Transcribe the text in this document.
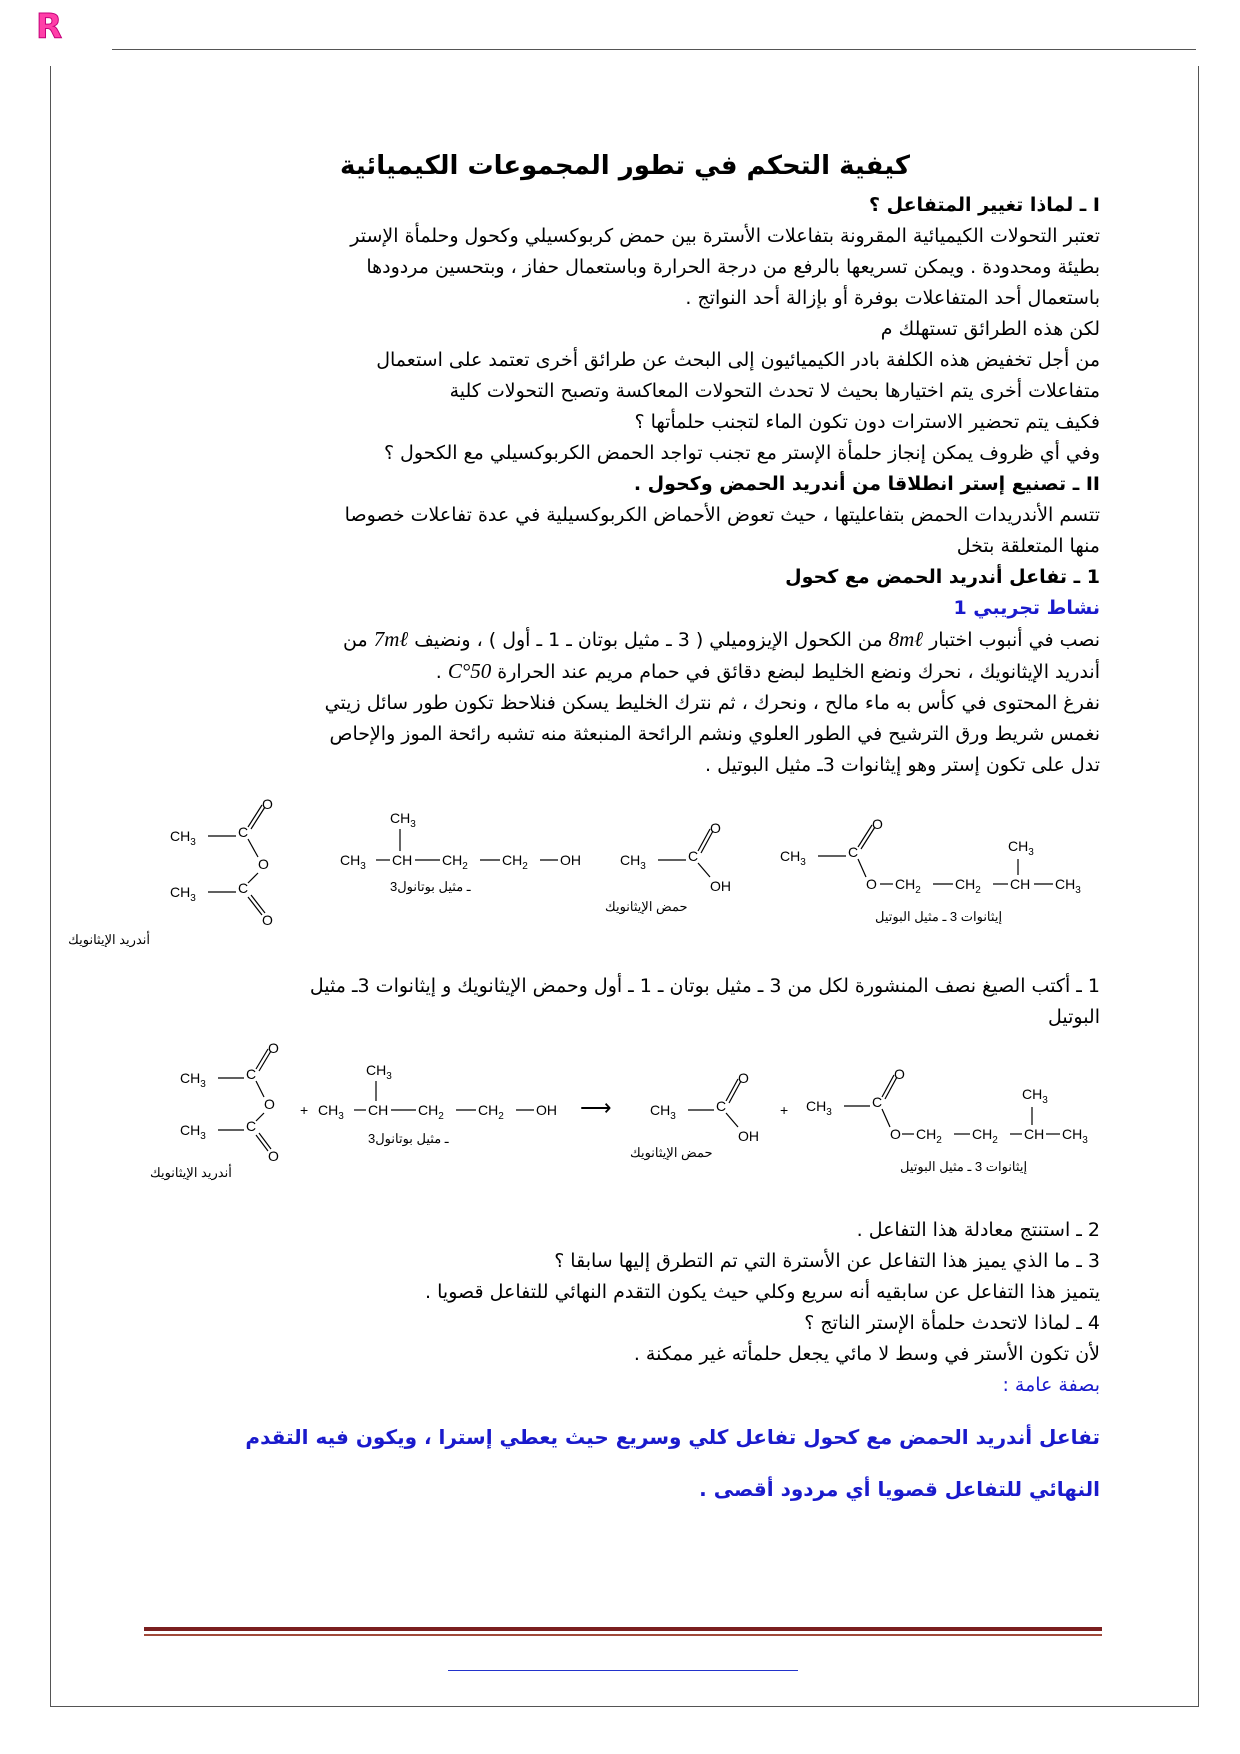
R
كيفية التحكم في تطور المجموعات الكيميائية

I ـ لماذا تغيير المتفاعل ؟

تعتبر التحولات الكيميائية المقرونة بتفاعلات الأسترة بين حمض كربوكسيلي وكحول وحلمأة الإستر

بطيئة ومحدودة . ويمكن تسريعها بالرفع من درجة الحرارة وباستعمال حفاز ، وبتحسين مردودها

باستعمال أحد المتفاعلات بوفرة أو بإزالة أحد النواتج .

لكن هذه الطرائق تستهلك م

من أجل تخفيض هذه الكلفة بادر الكيميائيون إلى البحث عن طرائق أخرى تعتمد على استعمال

متفاعلات أخرى يتم اختيارها بحيث لا تحدث التحولات المعاكسة وتصبح التحولات كلية

فكيف يتم تحضير الاسترات دون تكون الماء لتجنب حلمأتها ؟

وفي أي ظروف يمكن إنجاز حلمأة الإستر مع تجنب تواجد الحمض الكربوكسيلي مع الكحول ؟

II ـ تصنيع إستر انطلاقا من أندريد الحمض وكحول .

تتسم الأندريدات الحمض بتفاعليتها ، حيث تعوض الأحماض الكربوكسيلية في عدة تفاعلات خصوصا

منها المتعلقة بتخل

1 ـ تفاعل أندريد الحمض مع كحول

نشاط تجريبي 1

نصب في أنبوب اختبار 8mℓ من الكحول الإيزوميلي ( 3 ـ مثيل بوتان ـ 1 ـ أول ) ، ونضيف 7mℓ من

أندريد الإيثانويك ، نحرك ونضع الخليط لبضع دقائق في حمام مريم عند الحرارة 50°C .

نفرغ المحتوى في كأس به ماء مالح ، ونحرك ، ثم نترك الخليط يسكن فنلاحظ تكون طور سائل زيتي

نغمس شريط ورق الترشيح في الطور العلوي ونشم الرائحة المنبعثة منه تشبه رائحة الموز والإحاص

تدل على تكون إستر وهو إيثانوات 3ـ مثيل البوتيل .

$CH_3$
C
O
O
$CH_3$
C
O
أندريد الإيثانويك
$CH_3$
$CH_3$ CH $CH_2$ $CH_2$ OH
3ـ مثيل بوتانول
$CH_3$
C
O
OH
حمض الإيثانويك
$CH_3$
C
O
O $CH_2$ $CH_2$ CH $CH_3$
$CH_3$
إيثانوات 3 ـ مثيل البوتيل

1 ـ أكتب الصيغ نصف المنشورة لكل من 3 ـ مثيل بوتان ـ 1 ـ أول وحمض الإيثانويك و إيثانوات 3ـ مثيل

البوتيل

$CH_3$
C
O
O
$CH_3$
C
O
أندريد الإيثانويك
+
$CH_3$
$CH_3$ CH $CH_2$ $CH_2$ OH
3ـ مثيل بوتانول
⟶	$CH_3$
C
O
OH
حمض الإيثانويك
+ $CH_3$
C
O
O $CH_2$ $CH_2$ CH $CH_3$
$CH_3$
إيثانوات 3 ـ مثيل البوتيل

2 ـ استنتج معادلة هذا التفاعل .

3 ـ ما الذي يميز هذا التفاعل عن الأسترة التي تم التطرق إليها سابقا ؟

يتميز هذا التفاعل عن سابقيه أنه سريع وكلي حيث يكون التقدم النهائي للتفاعل قصويا .

4 ـ لماذا لاتحدث حلمأة الإستر الناتج ؟

لأن تكون الأستر في وسط لا مائي يجعل حلمأته غير ممكنة .

بصفة عامة :

تفاعل أندريد الحمض مع كحول تفاعل كلي وسريع حيث يعطي إسترا ، ويكون فيه التقدم

النهائي للتفاعل قصويا أي مردود أقصى .
